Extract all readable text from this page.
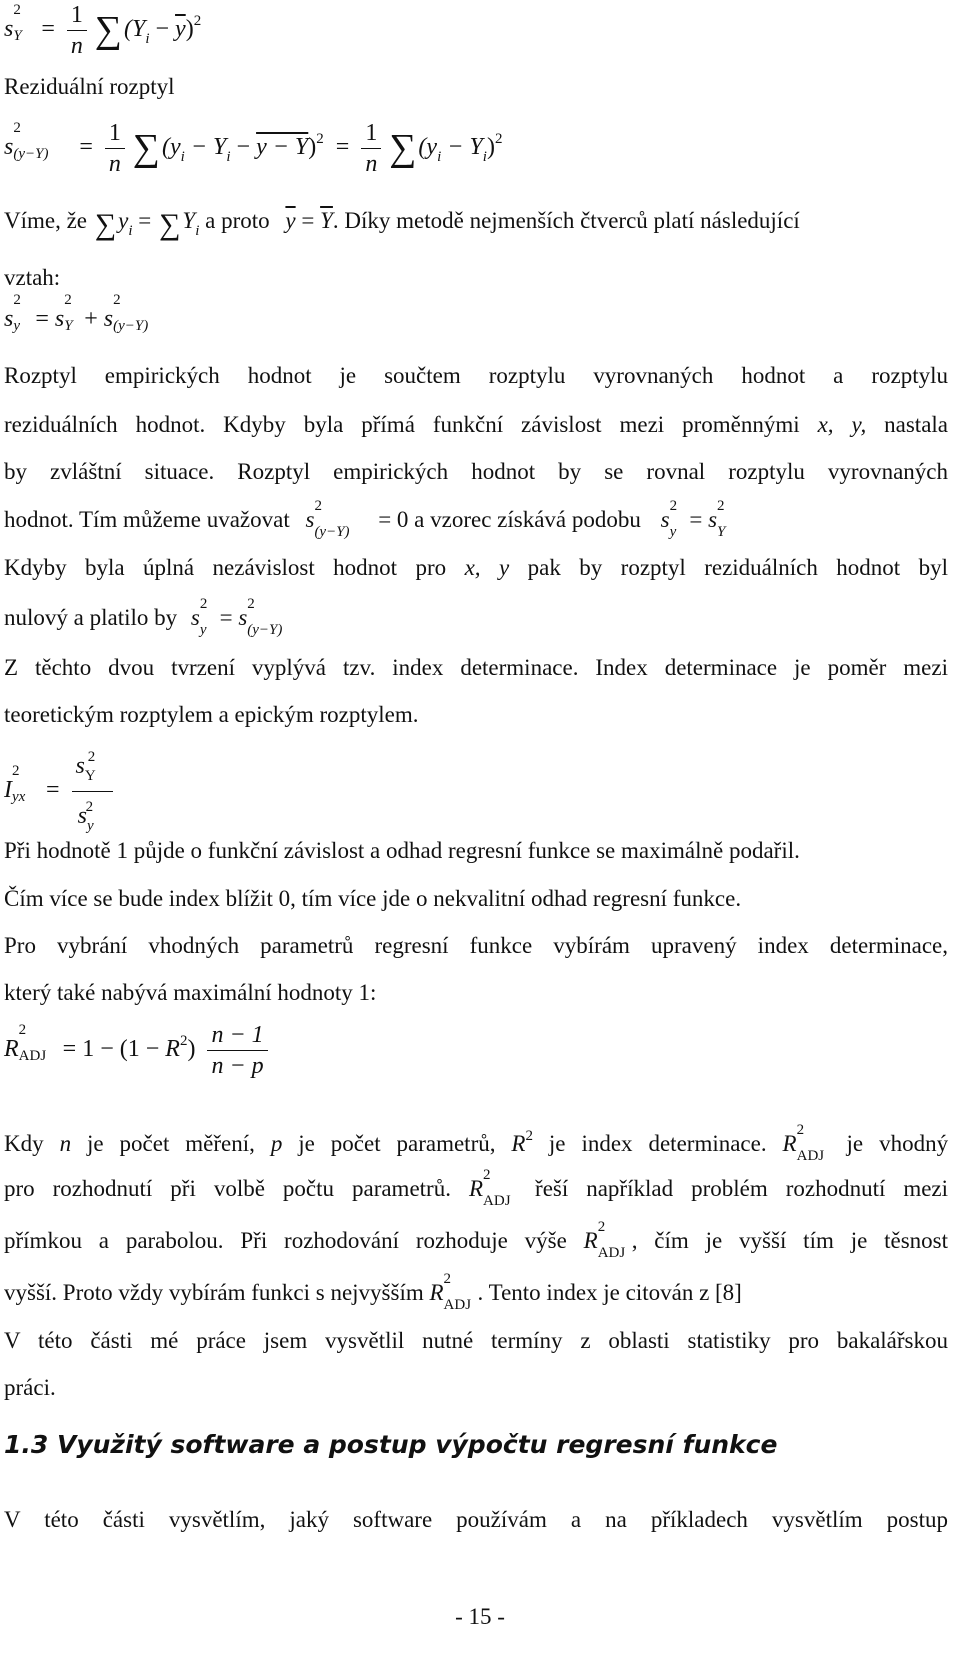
s
2
$Y = \frac{1}{n} \sum(Y_i - \overline{y})^2$
Reziduální rozptyl
s
2
$(y-Y) = \frac{1}{n} \sum(y_i - Y_i - y - Y)^2 = \frac{1}{n} \sum(y_i - Y_i)^2$
Víme, že $\sum y_i = \sum Y_i$ a proto $\overline{y} = \overline{Y}$. Díky metodě nejmenších čtverců platí následující
vztah:
s
2
y = s
2
Y + s
2
(y−Y)
Rozptyl empirických hodnot je součtem rozptylu vyrovnaných hodnot a rozptylu
reziduálních hodnot. Kdyby byla přímá funkční závislost mezi proměnnými x, y, nastala
by zvláštní situace. Rozptyl empirických hodnot by se rovnal rozptylu vyrovnaných
hodnot. Tím můžeme uvažovat s
2
(y−Y) = 0 a vzorec získává podobu s
2
y = s
2
Y
Kdyby byla úplná nezávislost hodnot pro x, y pak by rozptyl reziduálních hodnot byl
nulový a platilo by s
2
y = s
2
(y−Y)
Z těchto dvou tvrzení vyplývá tzv. index determinace. Index determinace je poměr mezi
teoretickým rozptylem a epickým rozptylem.
I
2
yx = $\frac{s_Y^2}{s_y^2}$
Při hodnotě 1 půjde o funkční závislost a odhad regresní funkce se maximálně podařil.
Čím více se bude index blížit 0, tím více jde o nekvalitní odhad regresní funkce.
Pro vybrání vhodných parametrů regresní funkce vybírám upravený index determinace,
který také nabývá maximální hodnoty 1:
R
2
ADJ = $1 - (1 - R^2) \frac{n - 1}{n - p}$
Kdy n je počet měření, p je počet parametrů, $R^2$ je index determinace. R
2
ADJ je vhodný
pro rozhodnutí při volbě počtu parametrů. R
2
ADJ řeší například problém rozhodnutí mezi
přímkou a parabolou. Při rozhodování rozhoduje výše R
2
ADJ , čím je vyšší tím je těsnost
vyšší. Proto vždy vybírám funkci s nejvyšším R
2
ADJ . Tento index je citován z [8]
V této části mé práce jsem vysvětlil nutné termíny z oblasti statistiky pro bakalářskou
práci.
1.3 Využitý software a postup výpočtu regresní funkce
V této části vysvětlím, jaký software používám a na příkladech vysvětlím postup
- 15 -
